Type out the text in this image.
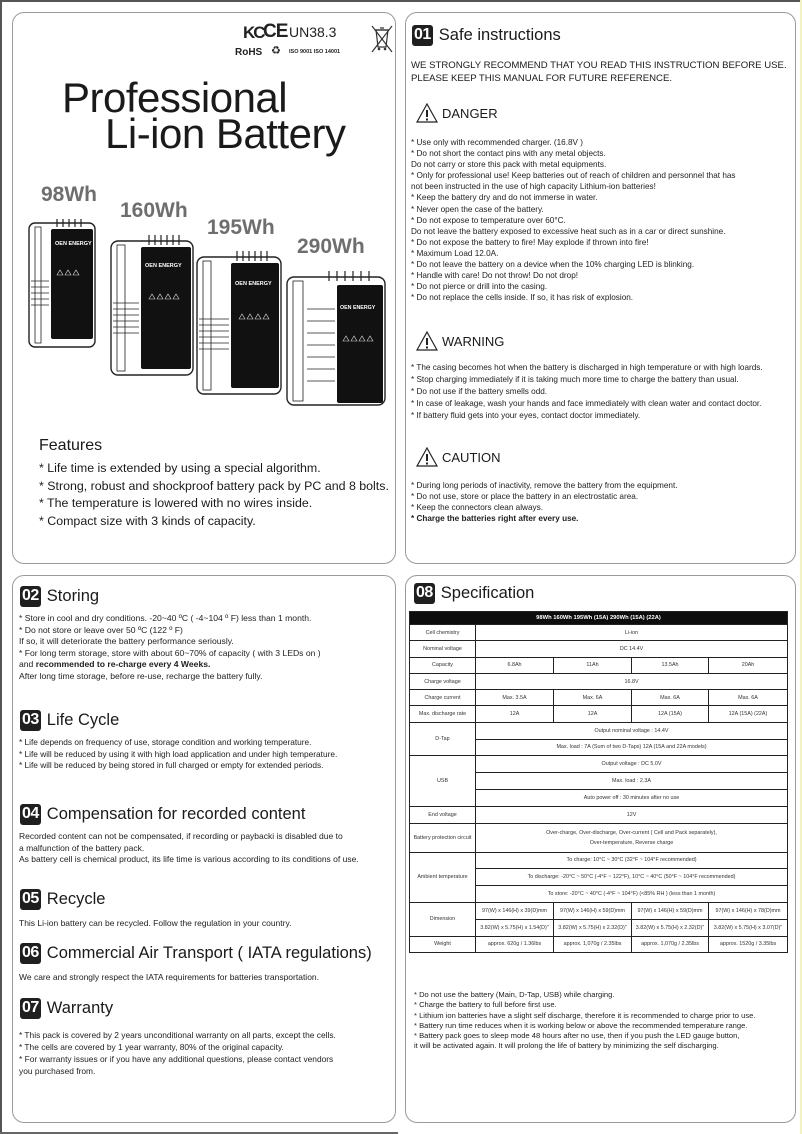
KC CE UN38.3
RoHS ♻ ISO 9001 ISO 14001
Professional
Li-ion Battery
98Wh
160Wh
195Wh
290Wh
OEN ENERGY
OEN ENERGY
OEN ENERGY
OEN ENERGY
Features
* Life time is extended by using a special algorithm.
* Strong, robust and shockproof battery pack by PC and 8 bolts.
* The temperature is lowered with no wires inside.
* Compact size with 3 kinds of capacity.
01 Safe instructions
WE STRONGLY RECOMMEND THAT YOU READ THIS INSTRUCTION BEFORE USE.
PLEASE KEEP THIS MANUAL FOR FUTURE REFERENCE.
DANGER
* Use only with recommended charger. (16.8V )
* Do not short the contact pins with any metal objects.
Do not carry or store this pack with metal equipments.
* Only for professional use! Keep batteries out of reach of children and personnel that has
not been instructed in the use of high capacity Lithium-ion batteries!
* Keep the battery dry and do not immerse in water.
* Never open the case of the battery.
* Do not expose to temperature over 60°C.
Do not leave the battery exposed to excessive heat such as in a car or direct sunshine.
* Do not expose the battery to fire! May explode if thrown into fire!
* Maximum Load 12.0A.
* Do not leave the battery on a device when the 10% charging LED is blinking.
* Handle with care! Do not throw! Do not drop!
* Do not pierce or drill into the casing.
* Do not replace the cells inside. If so, it has risk of explosion.
WARNING
* The casing becomes hot when the battery is discharged in high temperature or with high loards.
* Stop charging immediately if it is taking much more time to charge the battery than usual.
* Do not use if the battery smells odd.
* In case of leakage, wash your hands and face immediately with clean water and contact doctor.
* If battery fluid gets into your eyes, contact doctor immediately.
CAUTION
* During long periods of inactivity, remove the battery from the equipment.
* Do not use, store or place the battery in an electrostatic area.
* Keep the connectors clean always.
* Charge the batteries right after every use.
02 Storing
* Store in cool and dry conditions. -20~40 ºC ( -4~104 º F) less than 1 month.
* Do not store or leave over 50 ºC (122 º F)
If so, it will deteriorate the battery performance seriously.
* For long term storage, store with about 60~70% of capacity ( with 3 LEDs on )
and recommended to re-charge every 4 Weeks.
After long time storage, before re-use, recharge the battery fully.
03 Life Cycle
* Life depends on frequency of use, storage condition and working temperature.
* Life will be reduced by using it with high load application and under high temperature.
* Life will be reduced by being stored in full charged or empty for extended periods.
04 Compensation for recorded content
Recorded content can not be compensated, if recording or paybacki is disabled due to
a malfunction of the battery pack.
As battery cell is chemical product, its life time is various according to its conditions of use.
05 Recycle
This Li-ion battery can be recycled. Follow the regulation in your country.
06 Commercial Air Transport ( IATA regulations)
We care and strongly respect the IATA requirements for batteries transportation.
07 Warranty
* This pack is covered by 2 years unconditional warranty on all parts, except the cells.
* The cells are covered by 1 year warranty, 80% of the original capacity.
* For warranty issues or if you have any additional questions, please contact vendors
you purchased from.
08 Specification
98Wh 160Wh 195Wh (15A) 290Wh (15A) (22A)				
Cell chemistry	Li-ion			
Nominal voltage	DC 14.4V			
Capacity	6.8Ah	11Ah	13.5Ah	20Ah
Charge voltage	16.8V			
Charge current	Max. 3.5A	Max. 6A	Max. 6A	Max. 6A
Max. discharge rate	12A	12A	12A (15A)	12A (15A) (22A)
D-Tap	Output nominal voltage : 14.4V			
	Max. load : 7A (Sum of two D-Taps) 12A (15A and 22A models)			
USB	Output voltage : DC 5.0V			
	Max. load : 2.3A			
	Auto power off : 30 minutes after no use			
End voltage	12V			
Battery protection circuit	Over-charge, Over-discharge, Over-current ( Cell and Pack separately),
Over-temperature, Reverse charge			

Ambient temperature	To charge: 10°C ~ 30°C (32°F ~ 104°F recommended)			
	To discharge: -20°C ~ 50°C (-4°F ~ 122°F), 10°C ~ 40°C (50°F ~ 104°F recommended)			
	To store: -20°C ~ 40°C (-4°F ~ 104°F) (<85% RH ) (less than 1 month)			
Dimension	97(W) x 146(H) x 39(D)mm	97(W) x 146(H) x 59(D)mm	97(W) x 146(H) x 59(D)mm	97(W) x 146(H) x 78(D)mm
	3.82(W) x 5.75(H) x 1.54(D)"	3.82(W) x 5.75(H) x 2.32(D)"	3.82(W) x 5.75(H) x 2.32(D)"	3.82(W) x 5.75(H) x 3.07(D)"
Weight	approx. 620g / 1.36lbs	approx. 1,070g / 2.35lbs	approx. 1,070g / 2.35lbs	approx. 1520g / 3.35lbs
* Do not use the battery (Main, D-Tap, USB) while charging.
* Charge the battery to full before first use.
* Lithium ion batteries have a slight self discharge, therefore it is recommended to charge prior to use.
* Battery run time reduces when it is working below or above the recommended temperature range.
* Battery pack goes to sleep mode 48 hours after no use, then if you push the LED gauge button,
it will be activated again. It will prolong the life of battery by minimizing the self discharging.
